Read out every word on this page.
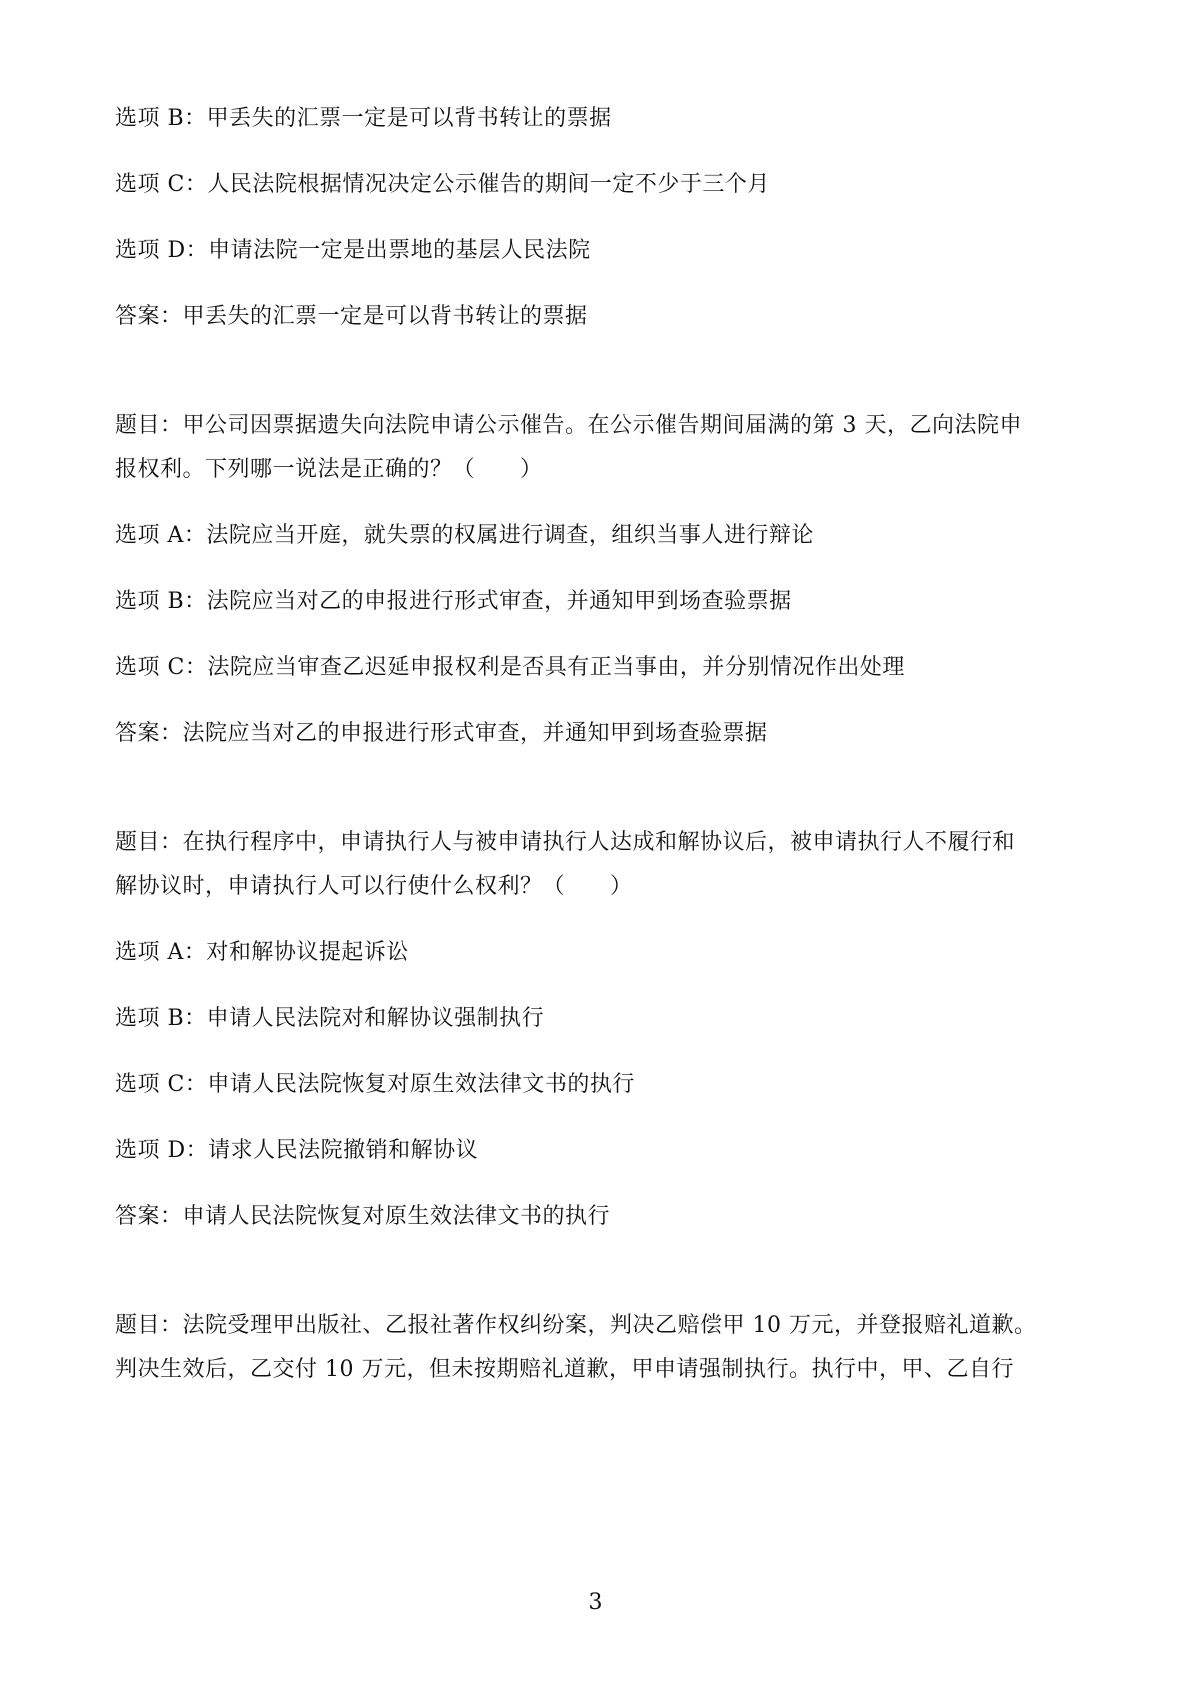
选项 B：甲丢失的汇票一定是可以背书转让的票据
选项 C：人民法院根据情况决定公示催告的期间一定不少于三个月
选项 D：申请法院一定是出票地的基层人民法院
答案：甲丢失的汇票一定是可以背书转让的票据
题目：甲公司因票据遗失向法院申请公示催告。在公示催告期间届满的第 3 天，乙向法院申
报权利。下列哪一说法是正确的？（　　）
选项 A：法院应当开庭，就失票的权属进行调查，组织当事人进行辩论
选项 B：法院应当对乙的申报进行形式审查，并通知甲到场查验票据
选项 C：法院应当审查乙迟延申报权利是否具有正当事由，并分别情况作出处理
答案：法院应当对乙的申报进行形式审查，并通知甲到场查验票据
题目：在执行程序中，申请执行人与被申请执行人达成和解协议后，被申请执行人不履行和
解协议时，申请执行人可以行使什么权利？（　　）
选项 A：对和解协议提起诉讼
选项 B：申请人民法院对和解协议强制执行
选项 C：申请人民法院恢复对原生效法律文书的执行
选项 D：请求人民法院撤销和解协议
答案：申请人民法院恢复对原生效法律文书的执行
题目：法院受理甲出版社、乙报社著作权纠纷案，判决乙赔偿甲 10 万元，并登报赔礼道歉。
判决生效后，乙交付 10 万元，但未按期赔礼道歉，甲申请强制执行。执行中，甲、乙自行
3
